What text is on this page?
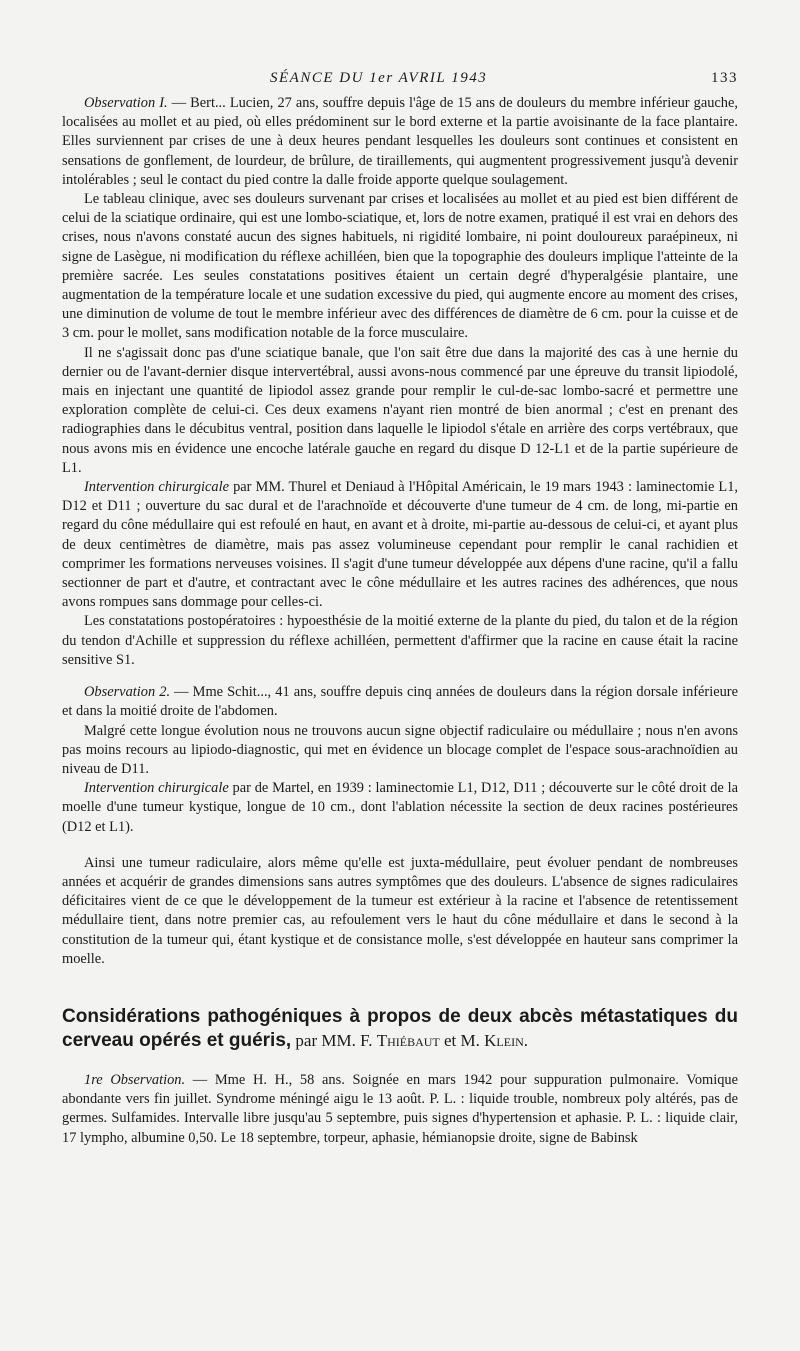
SÉANCE DU 1er AVRIL 1943	133

Observation I. — Bert... Lucien, 27 ans, souffre depuis l'âge de 15 ans de douleurs du membre inférieur gauche, localisées au mollet et au pied, où elles prédominent sur le bord externe et la partie avoisinante de la face plantaire. Elles surviennent par crises de une à deux heures pendant lesquelles les douleurs sont continues et consistent en sensations de gonflement, de lourdeur, de brûlure, de tiraillements, qui augmentent progressivement jusqu'à devenir intolérables ; seul le contact du pied contre la dalle froide apporte quelque soulagement.

Le tableau clinique, avec ses douleurs survenant par crises et localisées au mollet et au pied est bien différent de celui de la sciatique ordinaire, qui est une lombo-sciatique, et, lors de notre examen, pratiqué il est vrai en dehors des crises, nous n'avons constaté aucun des signes habituels, ni rigidité lombaire, ni point douloureux paraépineux, ni signe de Lasègue, ni modification du réflexe achilléen, bien que la topographie des douleurs implique l'atteinte de la première sacrée. Les seules constatations positives étaient un certain degré d'hyperalgésie plantaire, une augmentation de la température locale et une sudation excessive du pied, qui augmente encore au moment des crises, une diminution de volume de tout le membre inférieur avec des différences de diamètre de 6 cm. pour la cuisse et de 3 cm. pour le mollet, sans modification notable de la force musculaire.

Il ne s'agissait donc pas d'une sciatique banale, que l'on sait être due dans la majorité des cas à une hernie du dernier ou de l'avant-dernier disque intervertébral, aussi avons-nous commencé par une épreuve du transit lipiodolé, mais en injectant une quantité de lipiodol assez grande pour remplir le cul-de-sac lombo-sacré et permettre une exploration complète de celui-ci. Ces deux examens n'ayant rien montré de bien anormal ; c'est en prenant des radiographies dans le décubitus ventral, position dans laquelle le lipiodol s'étale en arrière des corps vertébraux, que nous avons mis en évidence une encoche latérale gauche en regard du disque D 12-L1 et de la partie supérieure de L1.

Intervention chirurgicale par MM. Thurel et Deniaud à l'Hôpital Américain, le 19 mars 1943 : laminectomie L1, D12 et D11 ; ouverture du sac dural et de l'arachnoïde et découverte d'une tumeur de 4 cm. de long, mi-partie en regard du cône médullaire qui est refoulé en haut, en avant et à droite, mi-partie au-dessous de celui-ci, et ayant plus de deux centimètres de diamètre, mais pas assez volumineuse cependant pour remplir le canal rachidien et comprimer les formations nerveuses voisines. Il s'agit d'une tumeur développée aux dépens d'une racine, qu'il a fallu sectionner de part et d'autre, et contractant avec le cône médullaire et les autres racines des adhérences, que nous avons rompues sans dommage pour celles-ci.

Les constatations postopératoires : hypoesthésie de la moitié externe de la plante du pied, du talon et de la région du tendon d'Achille et suppression du réflexe achilléen, permettent d'affirmer que la racine en cause était la racine sensitive S1.

Observation 2. — Mme Schit..., 41 ans, souffre depuis cinq années de douleurs dans la région dorsale inférieure et dans la moitié droite de l'abdomen.

Malgré cette longue évolution nous ne trouvons aucun signe objectif radiculaire ou médullaire ; nous n'en avons pas moins recours au lipiodo-diagnostic, qui met en évidence un blocage complet de l'espace sous-arachnoïdien au niveau de D11.

Intervention chirurgicale par de Martel, en 1939 : laminectomie L1, D12, D11 ; découverte sur le côté droit de la moelle d'une tumeur kystique, longue de 10 cm., dont l'ablation nécessite la section de deux racines postérieures (D12 et L1).

Ainsi une tumeur radiculaire, alors même qu'elle est juxta-médullaire, peut évoluer pendant de nombreuses années et acquérir de grandes dimensions sans autres symptômes que des douleurs. L'absence de signes radiculaires déficitaires vient de ce que le développement de la tumeur est extérieur à la racine et l'absence de retentissement médullaire tient, dans notre premier cas, au refoulement vers le haut du cône médullaire et dans le second à la constitution de la tumeur qui, étant kystique et de consistance molle, s'est développée en hauteur sans comprimer la moelle.

Considérations pathogéniques à propos de deux abcès métastatiques du cerveau opérés et guéris, par MM. F. Thiébaut et M. Klein.

1re Observation. — Mme H. H., 58 ans. Soignée en mars 1942 pour suppuration pulmonaire. Vomique abondante vers fin juillet. Syndrome méningé aigu le 13 août. P. L. : liquide trouble, nombreux poly altérés, pas de germes. Sulfamides. Intervalle libre jusqu'au 5 septembre, puis signes d'hypertension et aphasie. P. L. : liquide clair, 17 lympho, albumine 0,50. Le 18 septembre, torpeur, aphasie, hémianopsie droite, signe de Babinsk
